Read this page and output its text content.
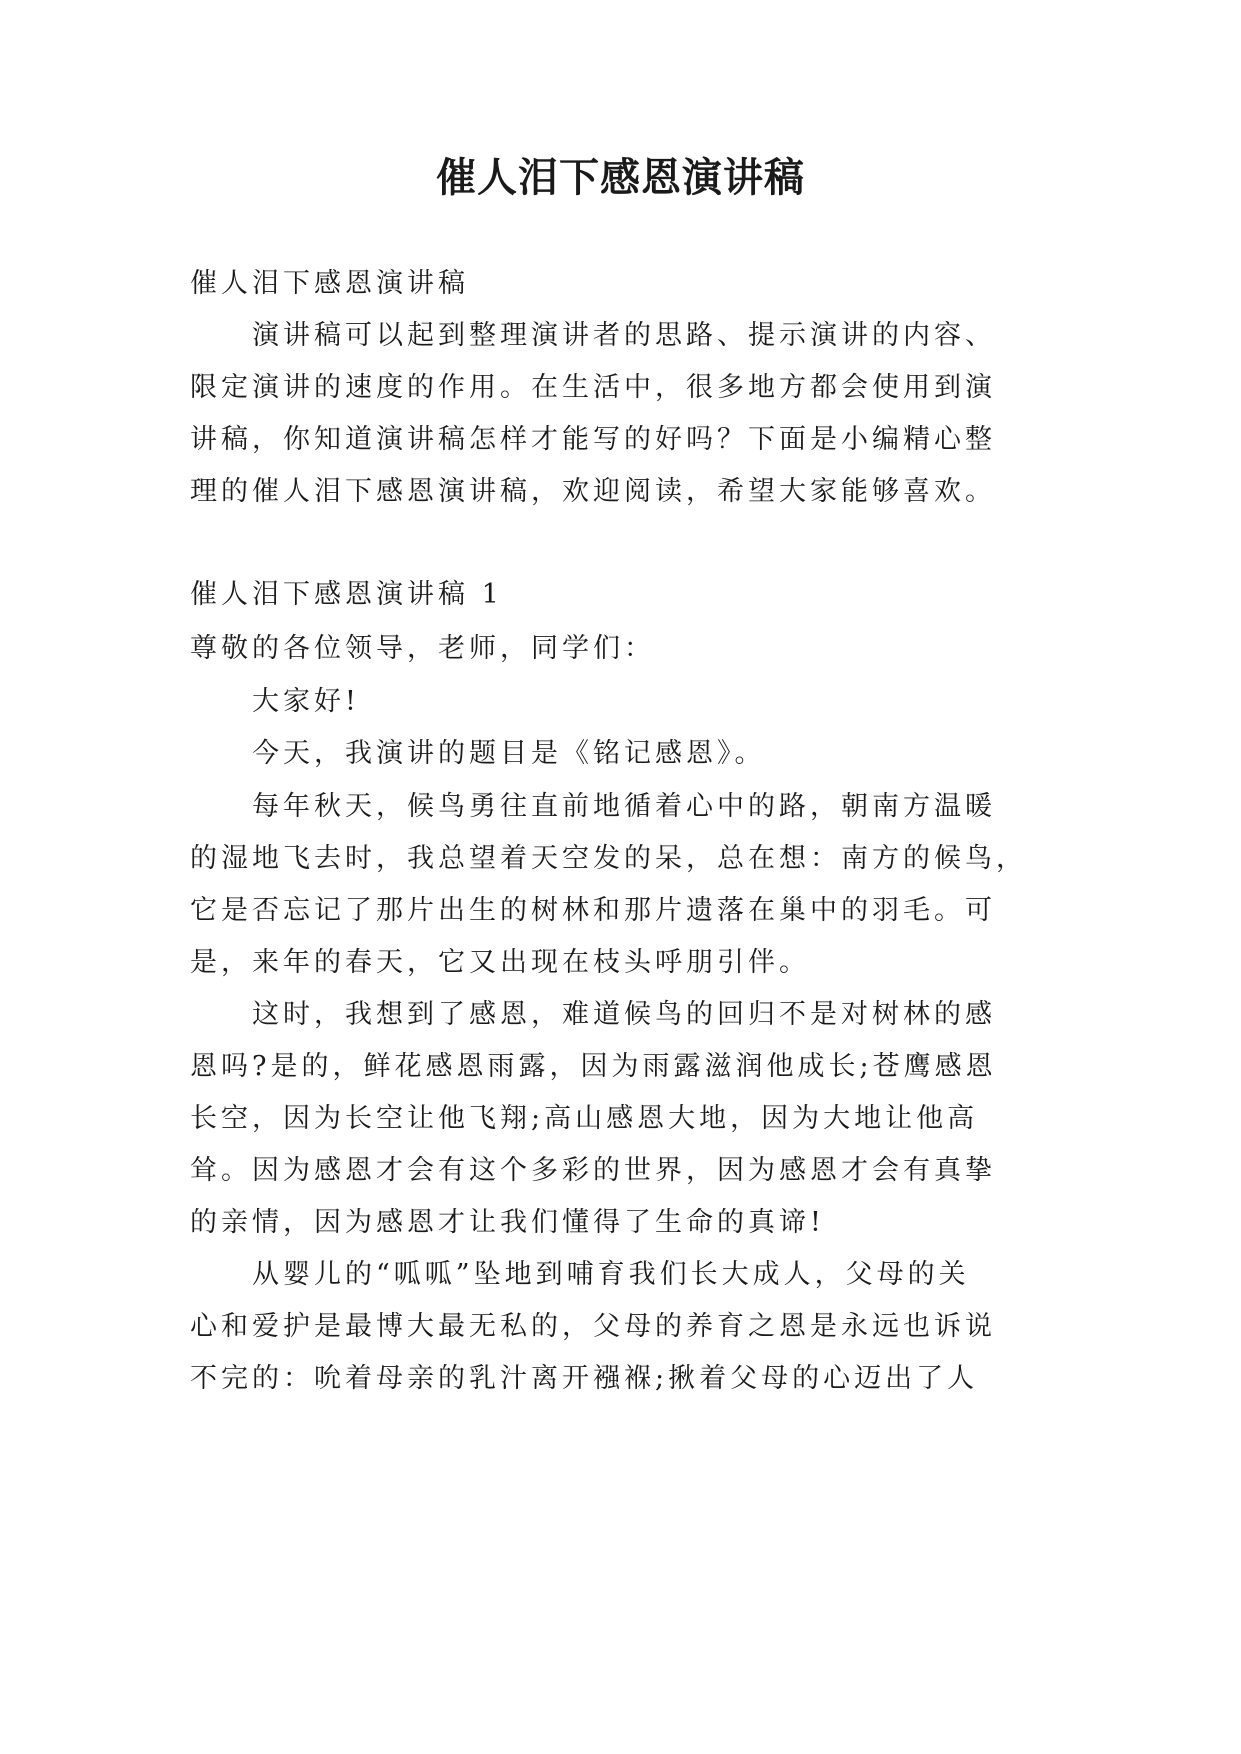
催人泪下感恩演讲稿
催人泪下感恩演讲稿
　　演讲稿可以起到整理演讲者的思路、提示演讲的内容、
限定演讲的速度的作用。在生活中，很多地方都会使用到演
讲稿，你知道演讲稿怎样才能写的好吗？下面是小编精心整
理的催人泪下感恩演讲稿，欢迎阅读，希望大家能够喜欢。
催人泪下感恩演讲稿 1
尊敬的各位领导，老师，同学们：
　　大家好!
　　今天，我演讲的题目是《铭记感恩》。
　　每年秋天，候鸟勇往直前地循着心中的路，朝南方温暖
的湿地飞去时，我总望着天空发的呆，总在想：南方的候鸟，
它是否忘记了那片出生的树林和那片遗落在巢中的羽毛。可
是，来年的春天，它又出现在枝头呼朋引伴。
　　这时，我想到了感恩，难道候鸟的回归不是对树林的感
恩吗?是的，鲜花感恩雨露，因为雨露滋润他成长;苍鹰感恩
长空，因为长空让他飞翔;高山感恩大地，因为大地让他高
耸。因为感恩才会有这个多彩的世界，因为感恩才会有真挚
的亲情，因为感恩才让我们懂得了生命的真谛!
　　从婴儿的“呱呱”坠地到哺育我们长大成人，父母的关
心和爱护是最博大最无私的，父母的养育之恩是永远也诉说
不完的：吮着母亲的乳汁离开襁褓;揪着父母的心迈出了人
